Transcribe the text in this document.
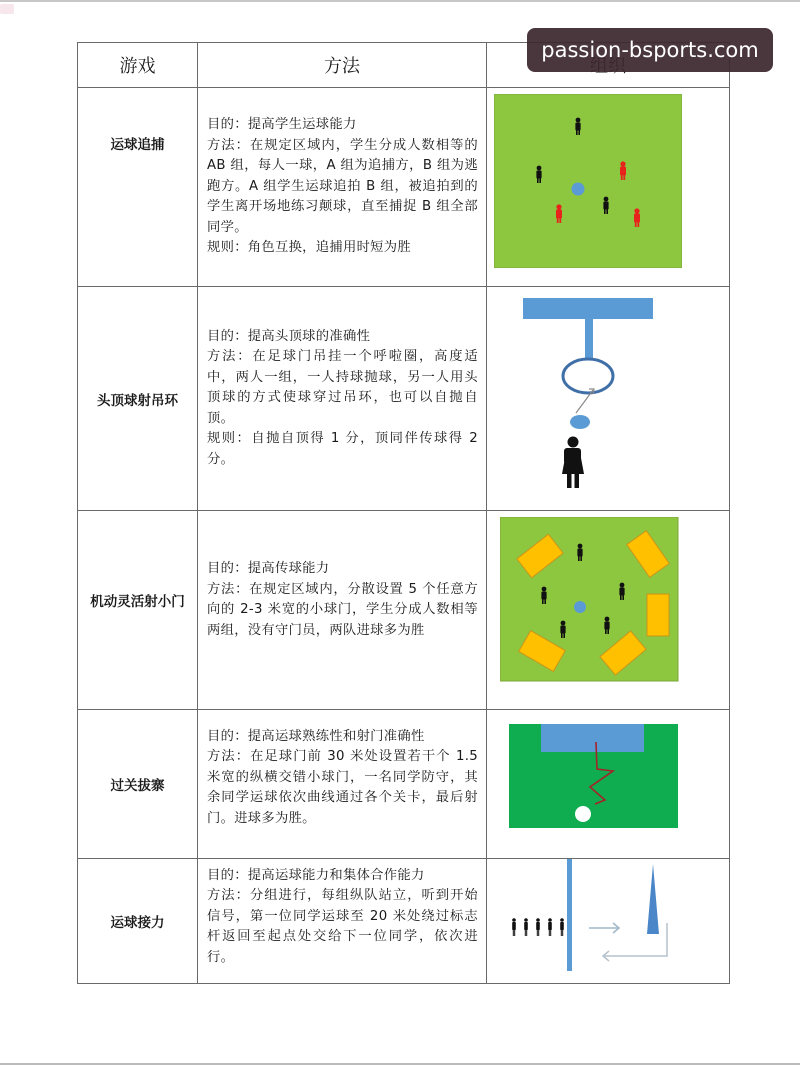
游戏	方法	
运球追捕	目的：提高学生运球能力

方法：在规定区域内，学生分成人数相等的 AB 组，每人一球，A 组为追捕方，B 组为逃跑方。A 组学生运球追拍 B 组，被追拍到的学生离开场地练习颠球，直至捕捉 B 组全部同学。

规则：角色互换，追捕用时短为胜

头顶球射吊环	目的：提高头顶球的准确性

方法：在足球门吊挂一个呼啦圈，高度适中，两人一组，一人持球抛球，另一人用头顶球的方式使球穿过吊环，也可以自抛自顶。

规则：自抛自顶得 1 分，顶同伴传球得 2 分。

机动灵活射小门	目的：提高传球能力

方法：在规定区域内，分散设置 5 个任意方向的 2-3 米宽的小球门，学生分成人数相等两组，没有守门员，两队进球多为胜

过关拔寨	目的：提高运球熟练性和射门准确性

方法：在足球门前 30 米处设置若干个 1.5 米宽的纵横交错小球门，一名同学防守，其余同学运球依次曲线通过各个关卡，最后射门。进球多为胜。

运球接力	目的：提高运球能力和集体合作能力

方法：分组进行，每组纵队站立，听到开始信号，第一位同学运球至 20 米处绕过标志杆返回至起点处交给下一位同学，依次进行。

passion-bsports.com
